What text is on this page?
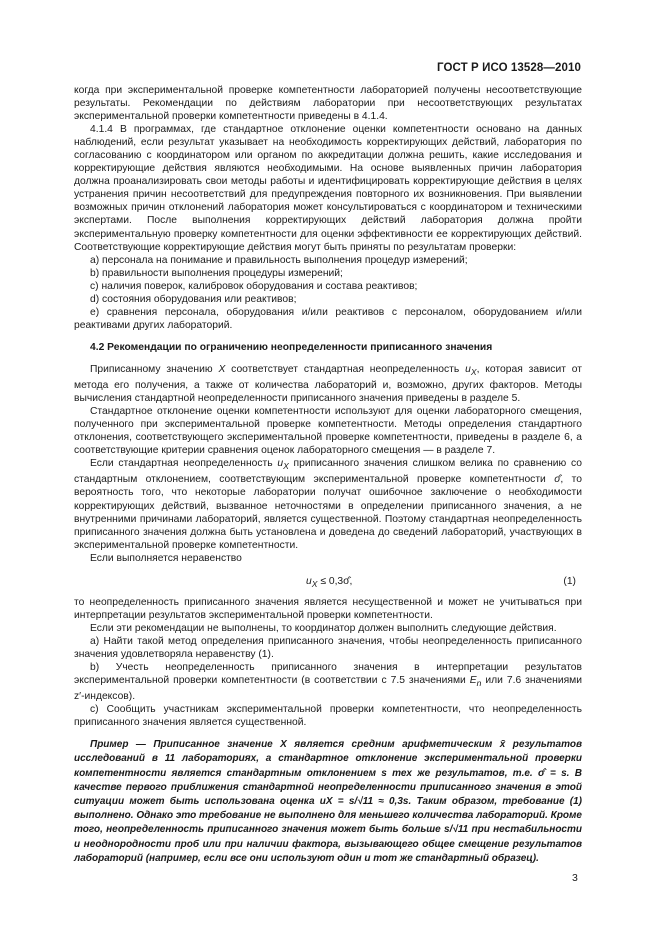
ГОСТ Р ИСО 13528—2010

когда при экспериментальной проверке компетентности лабораторией получены несоответствующие результаты. Рекомендации по действиям лаборатории при несоответствующих результатах экспериментальной проверки компетентности приведены в 4.1.4.

4.1.4 В программах, где стандартное отклонение оценки компетентности основано на данных наблюдений, если результат указывает на необходимость корректирующих действий, лаборатория по согласованию с координатором или органом по аккредитации должна решить, какие исследования и корректирующие действия являются необходимыми. На основе выявленных причин лаборатория должна проанализировать свои методы работы и идентифицировать корректирующие действия в целях устранения причин несоответствий для предупреждения повторного их возникновения. При выявлении возможных причин отклонений лаборатория может консультироваться с координатором и техническими экспертами. После выполнения корректирующих действий лаборатория должна пройти экспериментальную проверку компетентности для оценки эффективности ее корректирующих действий. Соответствующие корректирующие действия могут быть приняты по результатам проверки:

а) персонала на понимание и правильность выполнения процедур измерений;

b) правильности выполнения процедуры измерений;

c) наличия поверок, калибровок оборудования и состава реактивов;

d) состояния оборудования или реактивов;

e) сравнения персонала, оборудования и/или реактивов с персоналом, оборудованием и/или реактивами других лабораторий.

4.2 Рекомендации по ограничению неопределенности приписанного значения

Приписанному значению X соответствует стандартная неопределенность $u_X$, которая зависит от метода его получения, а также от количества лабораторий и, возможно, других факторов. Методы вычисления стандартной неопределенности приписанного значения приведены в разделе 5.

Стандартное отклонение оценки компетентности используют для оценки лабораторного смещения, полученного при экспериментальной проверке компетентности. Методы определения стандартного отклонения, соответствующего экспериментальной проверке компетентности, приведены в разделе 6, а соответствующие критерии сравнения оценок лабораторного смещения — в разделе 7.

Если стандартная неопределенность $u_X$ приписанного значения слишком велика по сравнению со стандартным отклонением, соответствующим экспериментальной проверке компетентности σ̂, то вероятность того, что некоторые лаборатории получат ошибочное заключение о необходимости корректирующих действий, вызванное неточностями в определении приписанного значения, а не внутренними причинами лабораторий, является существенной. Поэтому стандартная неопределенность приписанного значения должна быть установлена и доведена до сведений лабораторий, участвующих в экспериментальной проверке компетентности.

Если выполняется неравенство

$u_X$ ≤ 0,3σ̂,	(1)

то неопределенность приписанного значения является несущественной и может не учитываться при интерпретации результатов экспериментальной проверки компетентности.

Если эти рекомендации не выполнены, то координатор должен выполнить следующие действия.

а) Найти такой метод определения приписанного значения, чтобы неопределенность приписанного значения удовлетворяла неравенству (1).

b) Учесть неопределенность приписанного значения в интерпретации результатов экспериментальной проверки компетентности (в соответствии с 7.5 значениями $E_n$ или 7.6 значениями z′-индексов).

с) Сообщить участникам экспериментальной проверки компетентности, что неопределенность приписанного значения является существенной.

Пример — Приписанное значение X является средним арифметическим x̄ результатов исследований в 11 лабораториях, а стандартное отклонение экспериментальной проверки компетентности является стандартным отклонением s тех же результатов, т.е. σ̂ = s. В качестве первого приближения стандартной неопределенности приписанного значения в этой ситуации может быть использована оценка uX = s/√11 ≈ 0,3s. Таким образом, требование (1) выполнено. Однако это требование не выполнено для меньшего количества лабораторий. Кроме того, неопределенность приписанного значения может быть больше s/√11 при нестабильности и неоднородности проб или при наличии фактора, вызывающего общее смещение результатов лабораторий (например, если все они используют один и тот же стандартный образец).

3
